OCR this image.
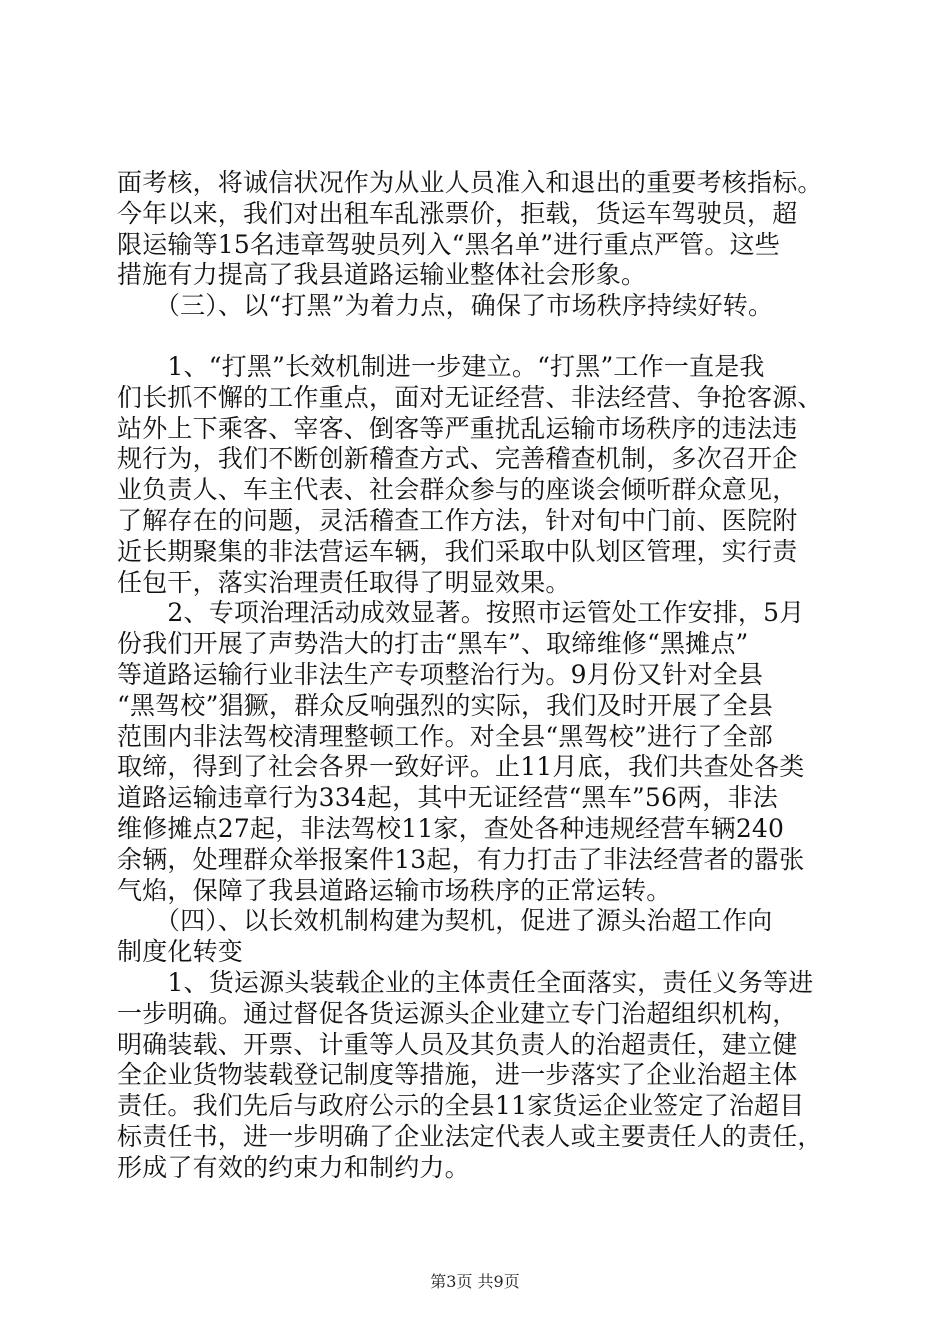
面考核，将诚信状况作为从业人员准入和退出的重要考核指标。
今年以来，我们对出租车乱涨票价，拒载，货运车驾驶员，超
限运输等15名违章驾驶员列入“黑名单”进行重点严管。这些
措施有力提高了我县道路运输业整体社会形象。
　　（三）、以“打黑”为着力点，确保了市场秩序持续好转。
　　1、“打黑”长效机制进一步建立。“打黑”工作一直是我
们长抓不懈的工作重点，面对无证经营、非法经营、争抢客源、
站外上下乘客、宰客、倒客等严重扰乱运输市场秩序的违法违
规行为，我们不断创新稽查方式、完善稽查机制，多次召开企
业负责人、车主代表、社会群众参与的座谈会倾听群众意见，
了解存在的问题，灵活稽查工作方法，针对旬中门前、医院附
近长期聚集的非法营运车辆，我们采取中队划区管理，实行责
任包干，落实治理责任取得了明显效果。
　　2、专项治理活动成效显著。按照市运管处工作安排，5月
份我们开展了声势浩大的打击“黑车”、取缔维修“黑摊点”
等道路运输行业非法生产专项整治行为。9月份又针对全县
“黑驾校”猖獗，群众反响强烈的实际，我们及时开展了全县
范围内非法驾校清理整顿工作。对全县“黑驾校”进行了全部
取缔，得到了社会各界一致好评。止11月底，我们共查处各类
道路运输违章行为334起，其中无证经营“黑车”56两，非法
维修摊点27起，非法驾校11家，查处各种违规经营车辆240
余辆，处理群众举报案件13起，有力打击了非法经营者的嚣张
气焰，保障了我县道路运输市场秩序的正常运转。
　　（四）、以长效机制构建为契机，促进了源头治超工作向
制度化转变
　　1、货运源头装载企业的主体责任全面落实，责任义务等进
一步明确。通过督促各货运源头企业建立专门治超组织机构，
明确装载、开票、计重等人员及其负责人的治超责任，建立健
全企业货物装载登记制度等措施，进一步落实了企业治超主体
责任。我们先后与政府公示的全县11家货运企业签定了治超目
标责任书，进一步明确了企业法定代表人或主要责任人的责任，
形成了有效的约束力和制约力。
第3页 共9页
